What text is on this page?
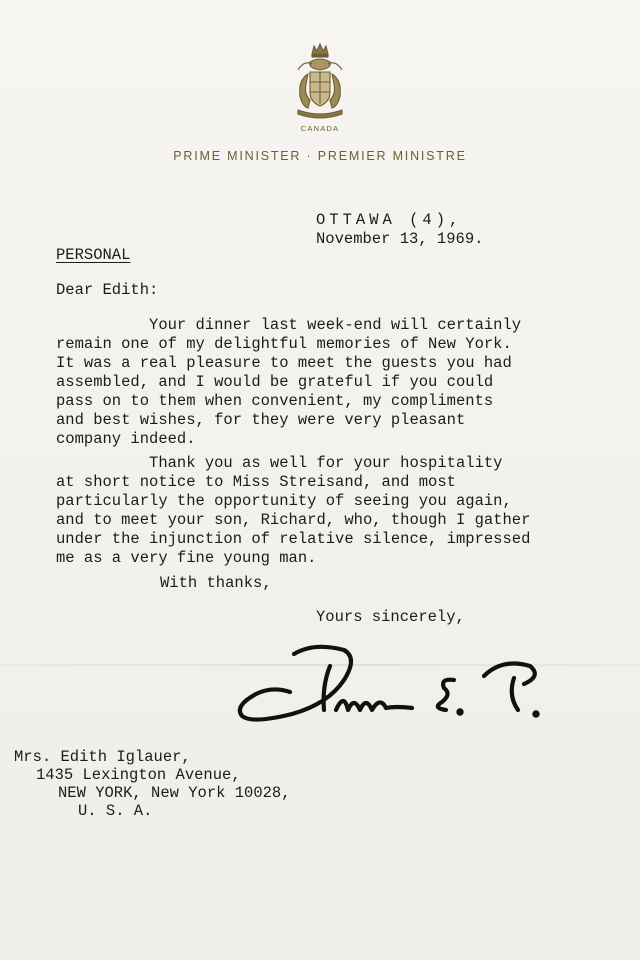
CANADA
PRIME MINISTER · PREMIER MINISTRE
OTTAWA (4),
November 13, 1969.
PERSONAL
Dear Edith:
Your dinner last week-end will certainly
remain one of my delightful memories of New York.
It was a real pleasure to meet the guests you had
assembled, and I would be grateful if you could
pass on to them when convenient, my compliments
and best wishes, for they were very pleasant
company indeed.
Thank you as well for your hospitality
at short notice to Miss Streisand, and most
particularly the opportunity of seeing you again,
and to meet your son, Richard, who, though I gather
under the injunction of relative silence, impressed
me as a very fine young man.
With thanks,
Yours sincerely,
Mrs. Edith Iglauer,
1435 Lexington Avenue,
NEW YORK, New York 10028,
U. S. A.
